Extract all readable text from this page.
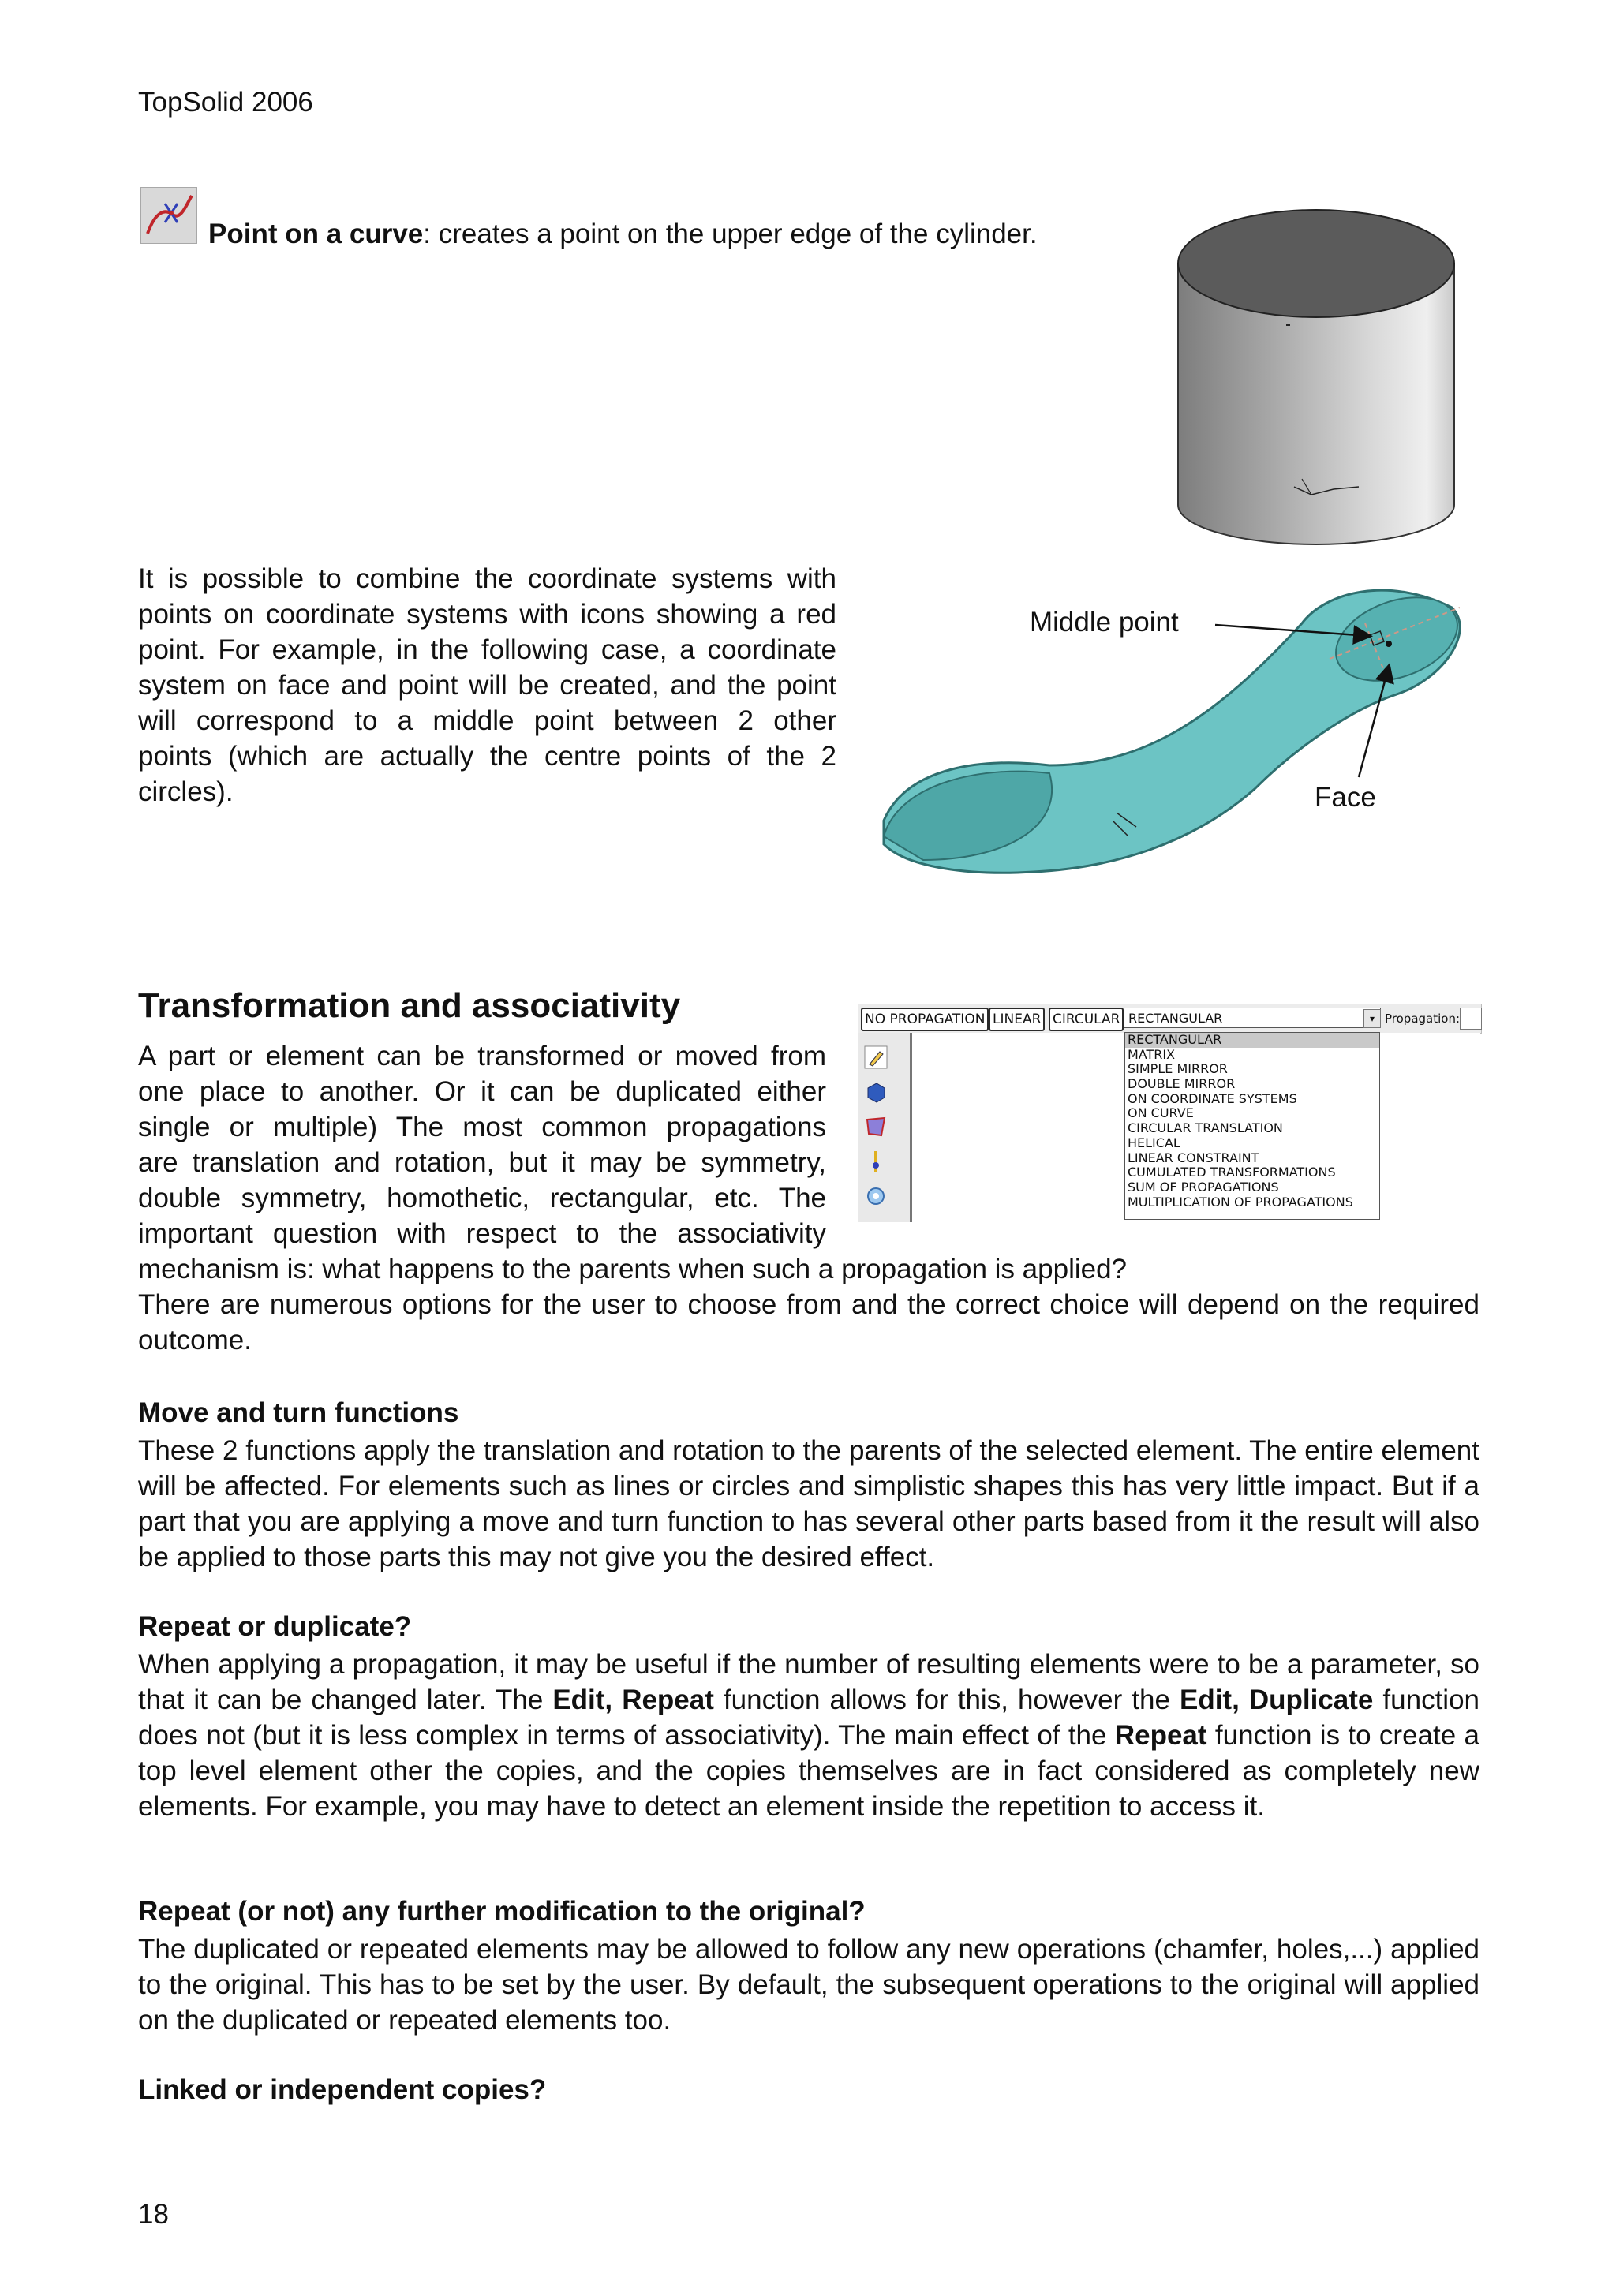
TopSolid 2006
Point on a curve: creates a point on the upper edge of the cylinder.
It is possible to combine the coordinate systems with
points on coordinate systems with icons showing a red
point. For example, in the following case, a coordinate
system on face and point will be created, and the point
will correspond to a middle point between 2 other
points (which are actually the centre points of the 2
circles).
Middle point
Face
Transformation and associativity
A part or element can be transformed or moved from
one place to another. Or it can be duplicated either
single or multiple) The most common propagations
are translation and rotation, but it may be symmetry,
double symmetry, homothetic, rectangular, etc. The
important question with respect to the associativity
mechanism is: what happens to the parents when such a propagation is applied?
There are numerous options for the user to choose from and the correct choice will depend on the required outcome.
NO PROPAGATION LINEAR CIRCULAR RECTANGULAR	▾ Propagation:
RECTANGULAR
MATRIX
SIMPLE MIRROR
DOUBLE MIRROR
ON COORDINATE SYSTEMS
ON CURVE
CIRCULAR TRANSLATION
HELICAL
LINEAR CONSTRAINT
CUMULATED TRANSFORMATIONS
SUM OF PROPAGATIONS
MULTIPLICATION OF PROPAGATIONS
Move and turn functions
These 2 functions apply the translation and rotation to the parents of the selected element. The entire element will be affected. For elements such as lines or circles and simplistic shapes this has very little impact. But if a part that you are applying a move and turn function to has several other parts based from it the result will also be applied to those parts this may not give you the desired effect.
Repeat or duplicate?
When applying a propagation, it may be useful if the number of resulting elements were to be a parameter, so that it can be changed later. The Edit, Repeat function allows for this, however the Edit, Duplicate function does not (but it is less complex in terms of associativity). The main effect of the Repeat function is to create a top level element other the copies, and the copies themselves are in fact considered as completely new elements. For example, you may have to detect an element inside the repetition to access it.
Repeat (or not) any further modification to the original?
The duplicated or repeated elements may be allowed to follow any new operations (chamfer, holes,...) applied to the original. This has to be set by the user. By default, the subsequent operations to the original will applied on the duplicated or repeated elements too.
Linked or independent copies?
18
